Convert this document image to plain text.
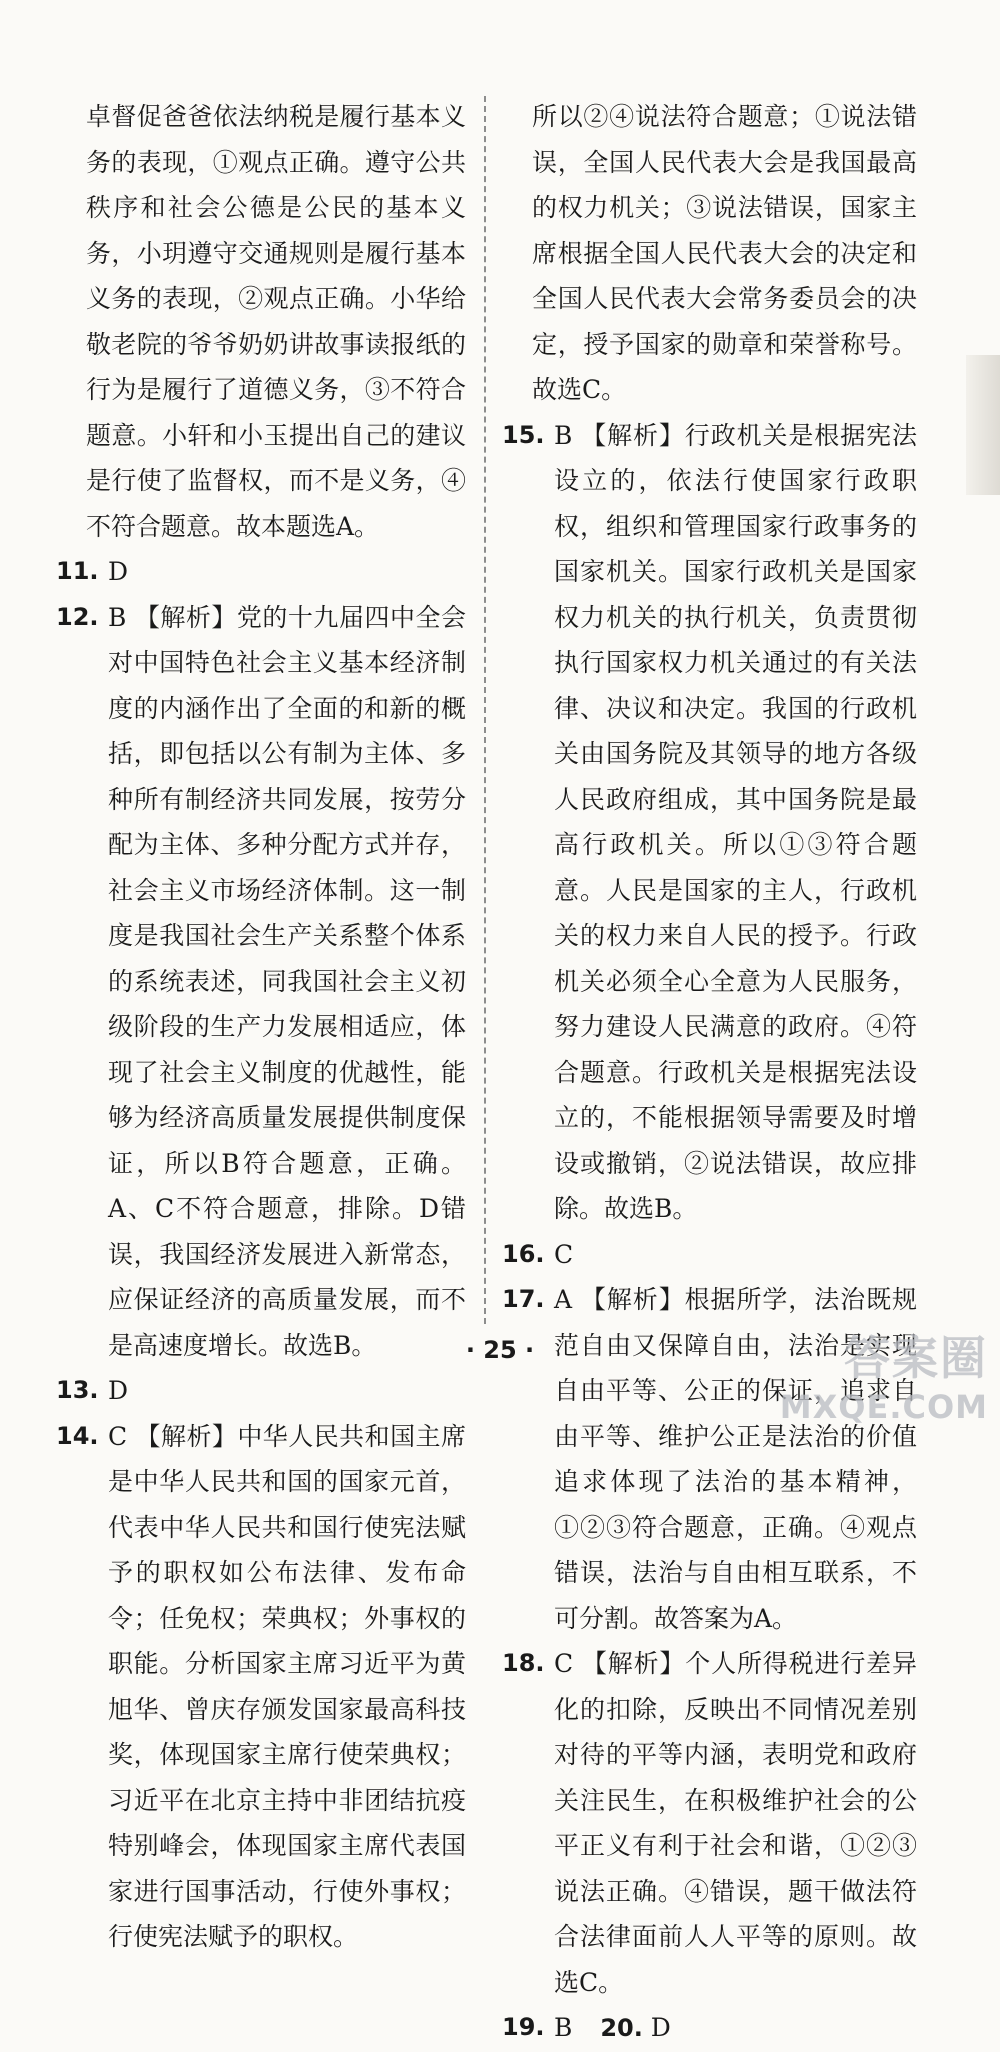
卓督促爸爸依法纳税是履行基本义务的表现，①观点正确。遵守公共秩序和社会公德是公民的基本义务，小玥遵守交通规则是履行基本义务的表现，②观点正确。小华给敬老院的爷爷奶奶讲故事读报纸的行为是履行了道德义务，③不符合题意。小轩和小玉提出自己的建议是行使了监督权，而不是义务，④不符合题意。故本题选A。
11. D
12. B 【解析】党的十九届四中全会对中国特色社会主义基本经济制度的内涵作出了全面的和新的概括，即包括以公有制为主体、多种所有制经济共同发展，按劳分配为主体、多种分配方式并存，社会主义市场经济体制。这一制度是我国社会生产关系整个体系的系统表述，同我国社会主义初级阶段的生产力发展相适应，体现了社会主义制度的优越性，能够为经济高质量发展提供制度保证，所以B符合题意，正确。A、C不符合题意，排除。D错误，我国经济发展进入新常态，应保证经济的高质量发展，而不是高速度增长。故选B。
13. D
14. C 【解析】中华人民共和国主席是中华人民共和国的国家元首，代表中华人民共和国行使宪法赋予的职权如公布法律、发布命令；任免权；荣典权；外事权的职能。分析国家主席习近平为黄旭华、曾庆存颁发国家最高科技奖，体现国家主席行使荣典权；习近平在北京主持中非团结抗疫特别峰会，体现国家主席代表国家进行国事活动，行使外事权；行使宪法赋予的职权。
所以②④说法符合题意；①说法错误，全国人民代表大会是我国最高的权力机关；③说法错误，国家主席根据全国人民代表大会的决定和全国人民代表大会常务委员会的决定，授予国家的勋章和荣誉称号。故选C。
15. B 【解析】行政机关是根据宪法设立的，依法行使国家行政职权，组织和管理国家行政事务的国家机关。国家行政机关是国家权力机关的执行机关，负责贯彻执行国家权力机关通过的有关法律、决议和决定。我国的行政机关由国务院及其领导的地方各级人民政府组成，其中国务院是最高行政机关。所以①③符合题意。人民是国家的主人，行政机关的权力来自人民的授予。行政机关必须全心全意为人民服务，努力建设人民满意的政府。④符合题意。行政机关是根据宪法设立的，不能根据领导需要及时增设或撤销，②说法错误，故应排除。故选B。
16. C
17. A 【解析】根据所学，法治既规范自由又保障自由，法治是实现自由平等、公正的保证，追求自由平等、维护公正是法治的价值追求体现了法治的基本精神，①②③符合题意，正确。④观点错误，法治与自由相互联系，不可分割。故答案为A。
18. C 【解析】个人所得税进行差异化的扣除，反映出不同情况差别对待的平等内涵，表明党和政府关注民生，在积极维护社会的公平正义有利于社会和谐，①②③说法正确。④错误，题干做法符合法律面前人人平等的原则。故选C。
19. B 20. D
· 25 ·	答案圈
MXQE.COM
